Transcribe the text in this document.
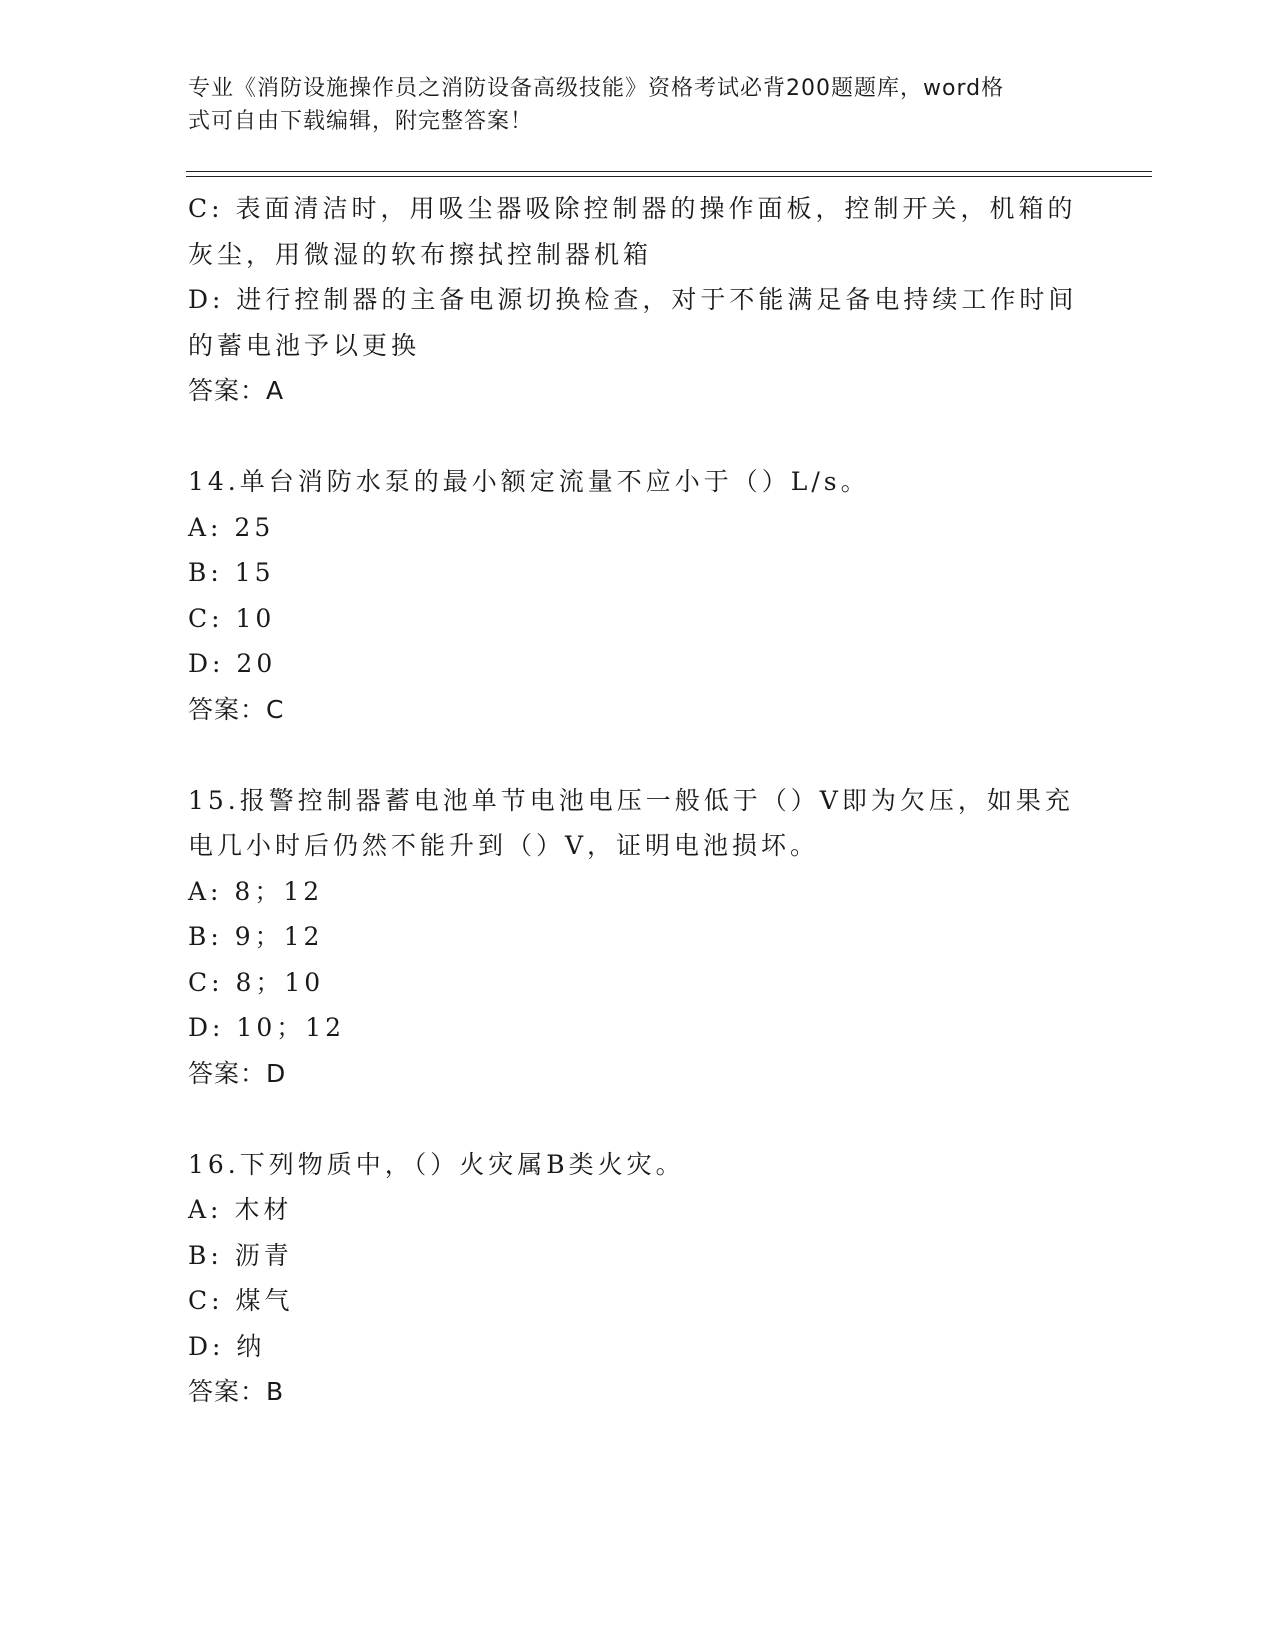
专业《消防设施操作员之消防设备高级技能》资格考试必背200题题库，word格
式可自由下载编辑，附完整答案！
C: 表面清洁时，用吸尘器吸除控制器的操作面板，控制开关，机箱的
灰尘，用微湿的软布擦拭控制器机箱
D: 进行控制器的主备电源切换检查，对于不能满足备电持续工作时间
的蓄电池予以更换
答案：A
14.单台消防水泵的最小额定流量不应小于（）L/s。
A: 25
B: 15
C: 10
D: 20
答案：C
15.报警控制器蓄电池单节电池电压一般低于（）V即为欠压，如果充
电几小时后仍然不能升到（）V，证明电池损坏。
A: 8；12
B: 9；12
C: 8；10
D: 10；12
答案：D
16.下列物质中，（）火灾属B类火灾。
A: 木材
B: 沥青
C: 煤气
D: 纳
答案：B
